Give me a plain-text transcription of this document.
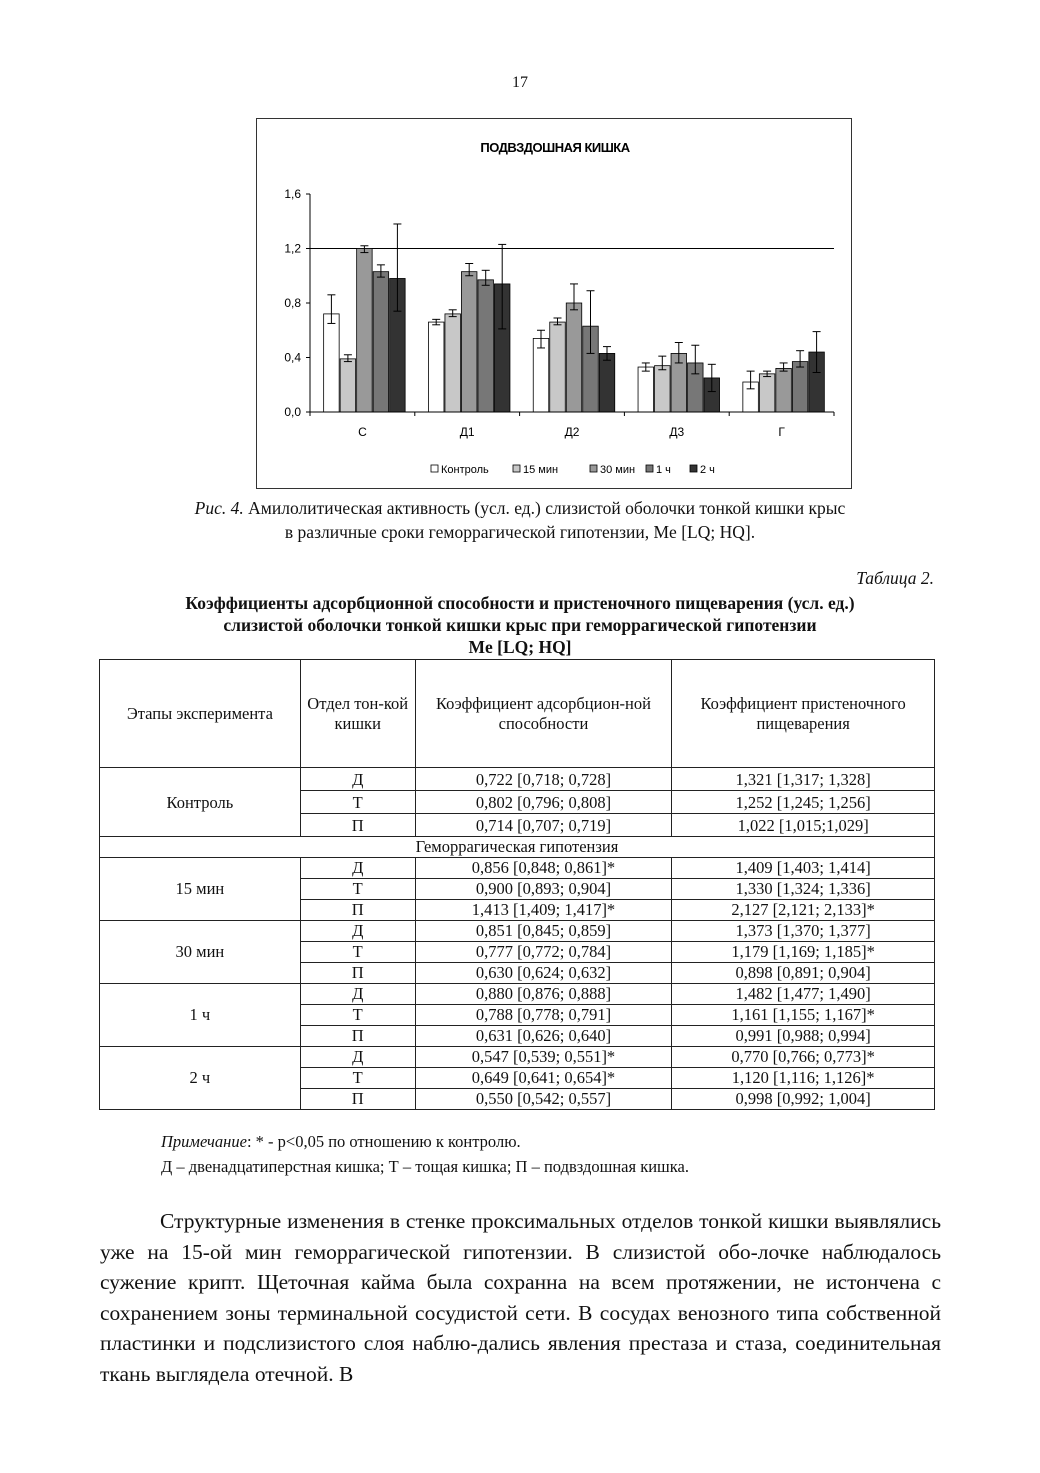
17
ПОДВЗДОШНАЯ КИШКА
0,0
0,4
0,8
1,2
1,6
С	Д1	Д2	Д3	Г
Контроль	15 мин	30 мин 1 ч	2 ч
Рис. 4. Амилолитическая активность (усл. ед.) слизистой оболочки тонкой кишки крыс
в различные сроки геморрагической гипотензии, Me [LQ; HQ].
Таблица 2.
Коэффициенты адсорбционной способности и пристеночного пищеварения (усл. ед.)
слизистой оболочки тонкой кишки крыс при геморрагической гипотензии
Me [LQ; HQ]
Этапы эксперимента	Отдел тон-кой кишки	Коэффициент адсорбцион-ной способности	Коэффициент пристеночного пищеварения
Контроль	Д	0,722 [0,718; 0,728]	1,321 [1,317; 1,328]
	Т	0,802 [0,796; 0,808]	1,252 [1,245; 1,256]
	П	0,714 [0,707; 0,719]	1,022 [1,015;1,029]
Геморрагическая гипотензия			
15 мин	Д	0,856 [0,848; 0,861]*	1,409 [1,403; 1,414]
	Т	0,900 [0,893; 0,904]	1,330 [1,324; 1,336]
	П	1,413 [1,409; 1,417]*	2,127 [2,121; 2,133]*
30 мин	Д	0,851 [0,845; 0,859]	1,373 [1,370; 1,377]
	Т	0,777 [0,772; 0,784]	1,179 [1,169; 1,185]*
	П	0,630 [0,624; 0,632]	0,898 [0,891; 0,904]
1 ч	Д	0,880 [0,876; 0,888]	1,482 [1,477; 1,490]
	Т	0,788 [0,778; 0,791]	1,161 [1,155; 1,167]*
	П	0,631 [0,626; 0,640]	0,991 [0,988; 0,994]
2 ч	Д	0,547 [0,539; 0,551]*	0,770 [0,766; 0,773]*
	Т	0,649 [0,641; 0,654]*	1,120 [1,116; 1,126]*
	П	0,550 [0,542; 0,557]	0,998 [0,992; 1,004]
Примечание: * - p<0,05 по отношению к контролю.
Д – двенадцатиперстная кишка; Т – тощая кишка; П – подвздошная кишка.

Структурные изменения в стенке проксимальных отделов тонкой кишки выявлялись уже на 15-ой мин геморрагической гипотензии. В слизистой обо-лочке наблюдалось сужение крипт. Щеточная кайма была сохранна на всем протяжении, не истончена с сохранением зоны терминальной сосудистой сети. В сосудах венозного типа собственной пластинки и подслизистого слоя наблю-дались явления престаза и стаза, соединительная ткань выглядела отечной. В
